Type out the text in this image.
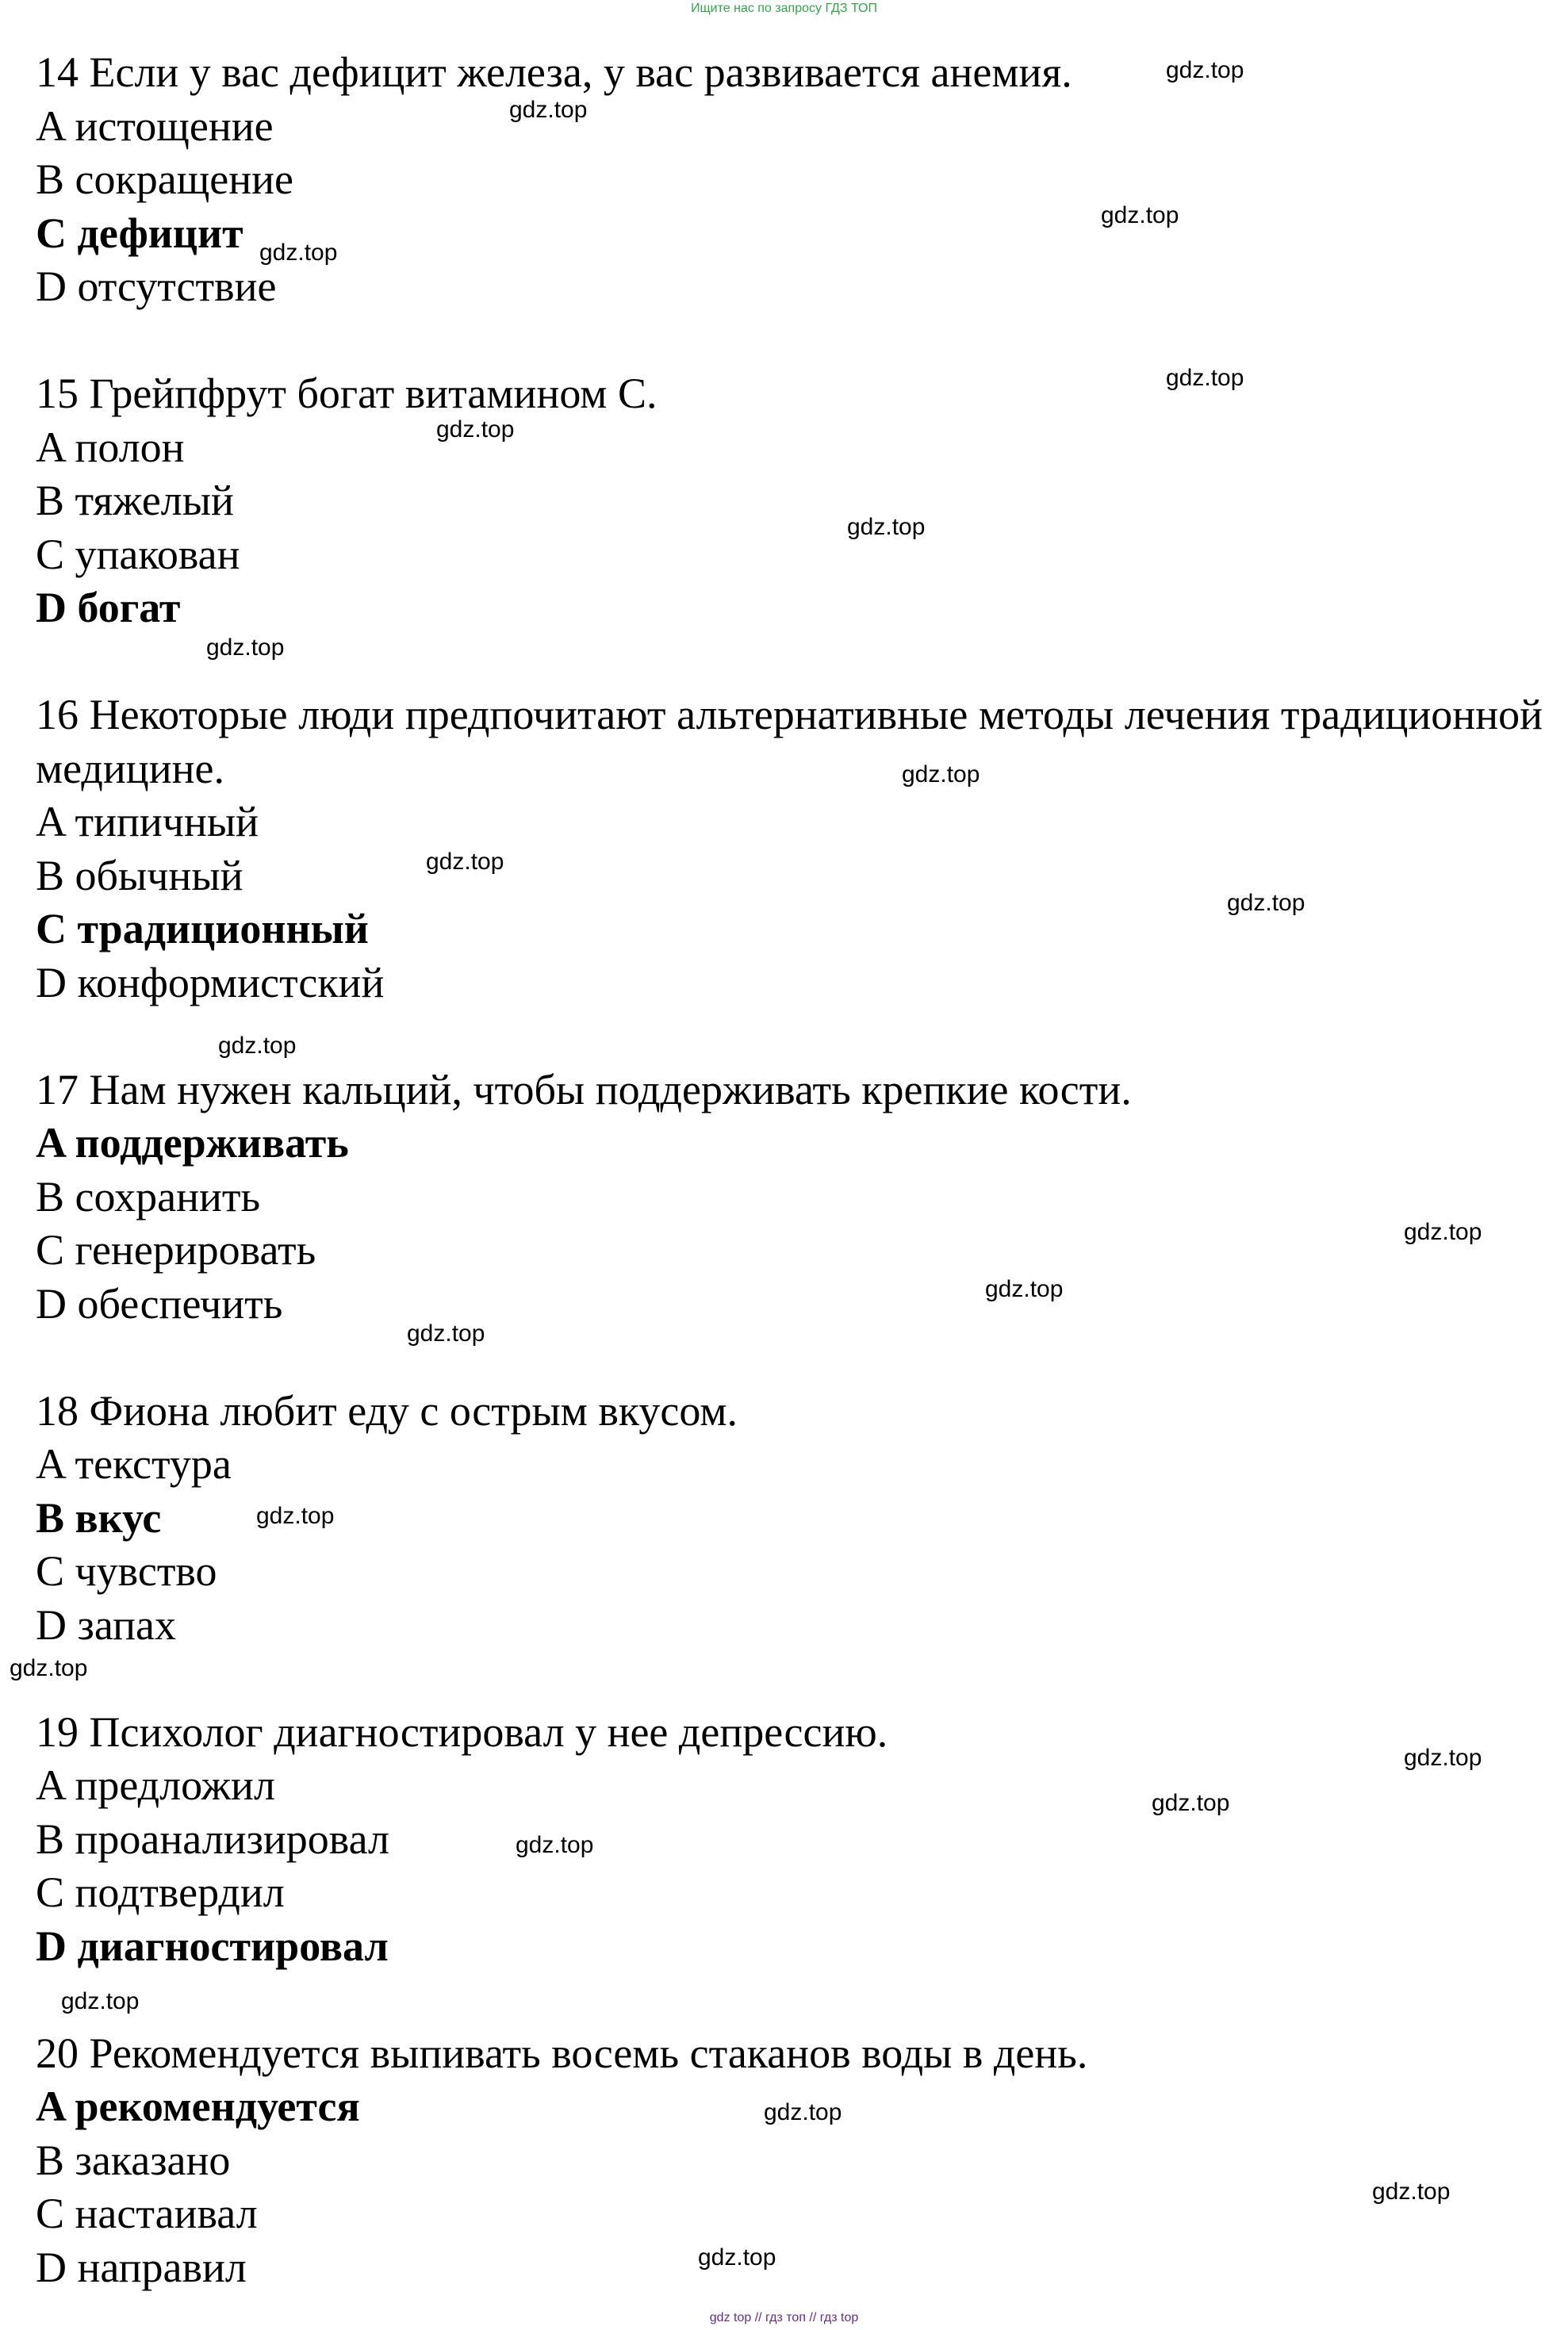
Ищите нас по запросу ГДЗ ТОП

14 Если у вас дефицит железа, у вас развивается анемия.

A истощение

B сокращение

C дефицит

D отсутствие

15 Грейпфрут богат витамином С.

A полон

B тяжелый

C упакован

D богат

16 Некоторые люди предпочитают альтернативные методы лечения традиционной медицине.

A типичный

B обычный

C традиционный

D конформистский

17 Нам нужен кальций, чтобы поддерживать крепкие кости.

A поддерживать

B сохранить

C генерировать

D обеспечить

18 Фиона любит еду с острым вкусом.

A текстура

B вкус

C чувство

D запах

19 Психолог диагностировал у нее депрессию.

A предложил

B проанализировал

C подтвердил

D диагностировал

20 Рекомендуется выпивать восемь стаканов воды в день.

A рекомендуется

B заказано

C настаивал

D направил

gdz.top
gdz.top
gdz.top
gdz.top
gdz.top
gdz.top
gdz.top
gdz.top
gdz.top
gdz.top
gdz.top
gdz.top
gdz.top
gdz.top
gdz.top
gdz.top
gdz.top
gdz.top
gdz.top
gdz.top
gdz.top
gdz.top
gdz.top
gdz.top
gdz top // гдз топ // гдз top
